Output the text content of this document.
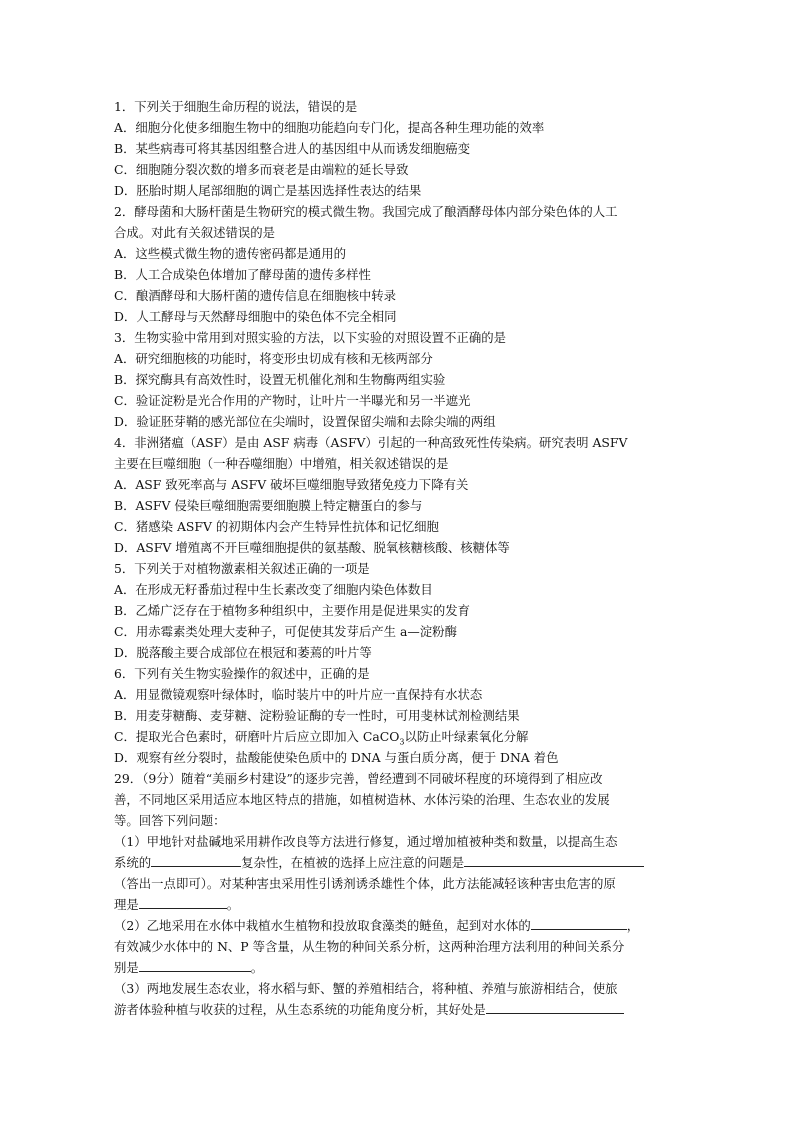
1．下列关于细胞生命历程的说法，错误的是
A．细胞分化使多细胞生物中的细胞功能趋向专门化，提高各种生理功能的效率
B．某些病毒可将其基因组整合进人的基因组中从而诱发细胞癌变
C．细胞随分裂次数的增多而衰老是由端粒的延长导致
D．胚胎时期人尾部细胞的调亡是基因选择性表达的结果
2．酵母菌和大肠杆菌是生物研究的模式微生物。我国完成了酿酒酵母体内部分染色体的人工
合成。对此有关叙述错误的是
A．这些模式微生物的遗传密码都是通用的
B．人工合成染色体增加了酵母菌的遗传多样性
C．酿酒酵母和大肠杆菌的遗传信息在细胞核中转录
D．人工酵母与天然酵母细胞中的染色体不完全相同
3．生物实验中常用到对照实验的方法，以下实验的对照设置不正确的是
A．研究细胞核的功能时，将变形虫切成有核和无核两部分
B．探究酶具有高效性时，设置无机催化剂和生物酶两组实验
C．验证淀粉是光合作用的产物时，让叶片一半曝光和另一半遮光
D．验证胚芽鞘的感光部位在尖端时，设置保留尖端和去除尖端的两组
4．非洲猪瘟（ASF）是由 ASF 病毒（ASFV）引起的一种高致死性传染病。研究表明 ASFV
主要在巨噬细胞（一种吞噬细胞）中增殖，相关叙述错误的是
A．ASF 致死率高与 ASFV 破坏巨噬细胞导致猪免疫力下降有关
B．ASFV 侵染巨噬细胞需要细胞膜上特定糖蛋白的参与
C．猪感染 ASFV 的初期体内会产生特异性抗体和记忆细胞
D．ASFV 增殖离不开巨噬细胞提供的氨基酸、脱氧核糖核酸、核糖体等
5．下列关于对植物激素相关叙述正确的一项是
A．在形成无籽番茄过程中生长素改变了细胞内染色体数目
B．乙烯广泛存在于植物多种组织中，主要作用是促进果实的发育
C．用赤霉素类处理大麦种子，可促使其发芽后产生 a—淀粉酶
D．脱落酸主要合成部位在根冠和萎蔫的叶片等
6．下列有关生物实验操作的叙述中，正确的是
A．用显微镜观察叶绿体时，临时装片中的叶片应一直保持有水状态
B．用麦芽糖酶、麦芽糖、淀粉验证酶的专一性时，可用斐林试剂检测结果
C．提取光合色素时，研磨叶片后应立即加入 CaCO$_3$以防止叶绿素氧化分解
D．观察有丝分裂时，盐酸能使染色质中的 DNA 与蛋白质分离，便于 DNA 着色
29．（9分）随着“美丽乡村建设”的逐步完善，曾经遭到不同破坏程度的环境得到了相应改
善，不同地区采用适应本地区特点的措施，如植树造林、水体污染的治理、生态农业的发展
等。回答下列问题：
（1）甲地针对盐碱地采用耕作改良等方法进行修复，通过增加植被种类和数量，以提高生态
系统的	复杂性，在植被的选择上应注意的问题是
（答出一点即可）。对某种害虫采用性引诱剂诱杀雄性个体，此方法能减轻该种害虫危害的原
理是	。
（2）乙地采用在水体中栽植水生植物和投放取食藻类的鲢鱼，起到对水体的	，
有效减少水体中的 N、P 等含量，从生物的种间关系分析，这两种治理方法利用的种间关系分
别是	。
（3）两地发展生态农业，将水稻与虾、蟹的养殖相结合，将种植、养殖与旅游相结合，使旅
游者体验种植与收获的过程，从生态系统的功能角度分析，其好处是
